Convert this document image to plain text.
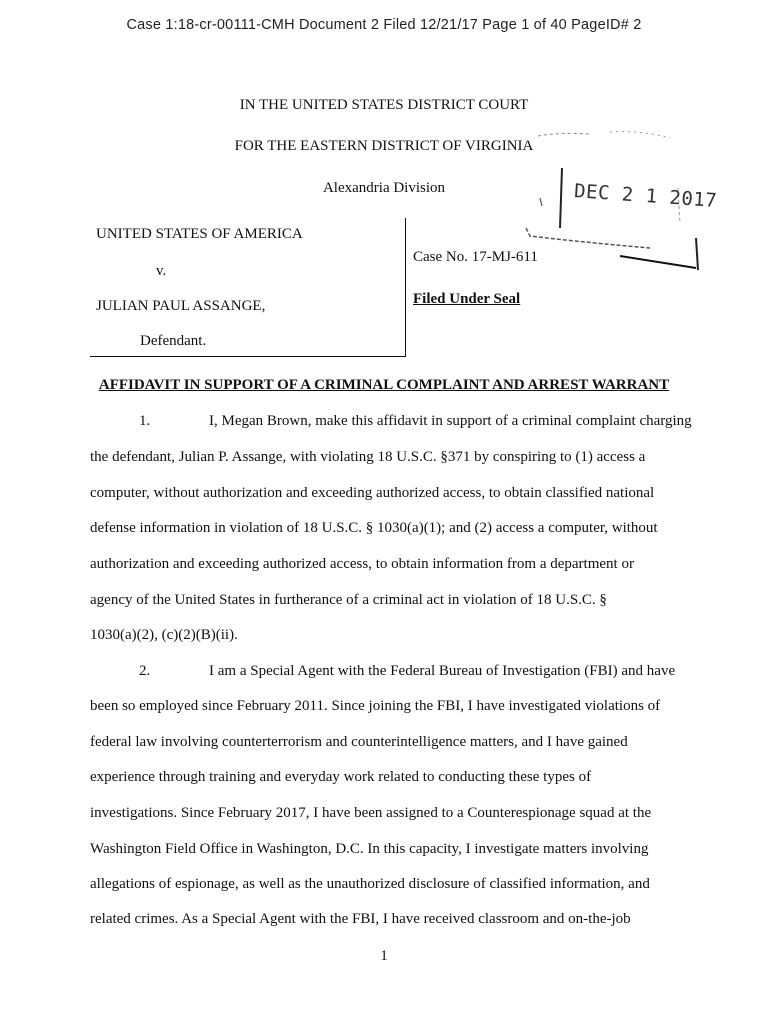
Case 1:18-cr-00111-CMH Document 2 Filed 12/21/17 Page 1 of 40 PageID# 2
IN THE UNITED STATES DISTRICT COURT
FOR THE EASTERN DISTRICT OF VIRGINIA
Alexandria Division	DEC 2 1 2017
UNITED STATES OF AMERICA
v.
JULIAN PAUL ASSANGE,
Defendant.
Case No. 17-MJ-611
Filed Under Seal
AFFIDAVIT IN SUPPORT OF A CRIMINAL COMPLAINT AND ARREST WARRANT
1.	I, Megan Brown, make this affidavit in support of a criminal complaint charging
the defendant, Julian P. Assange, with violating 18 U.S.C. §371 by conspiring to (1) access a
computer, without authorization and exceeding authorized access, to obtain classified national
defense information in violation of 18 U.S.C. § 1030(a)(1); and (2) access a computer, without
authorization and exceeding authorized access, to obtain information from a department or
agency of the United States in furtherance of a criminal act in violation of 18 U.S.C. §
1030(a)(2), (c)(2)(B)(ii).
2.	I am a Special Agent with the Federal Bureau of Investigation (FBI) and have
been so employed since February 2011. Since joining the FBI, I have investigated violations of
federal law involving counterterrorism and counterintelligence matters, and I have gained
experience through training and everyday work related to conducting these types of
investigations. Since February 2017, I have been assigned to a Counterespionage squad at the
Washington Field Office in Washington, D.C. In this capacity, I investigate matters involving
allegations of espionage, as well as the unauthorized disclosure of classified information, and
related crimes. As a Special Agent with the FBI, I have received classroom and on-the-job
1
